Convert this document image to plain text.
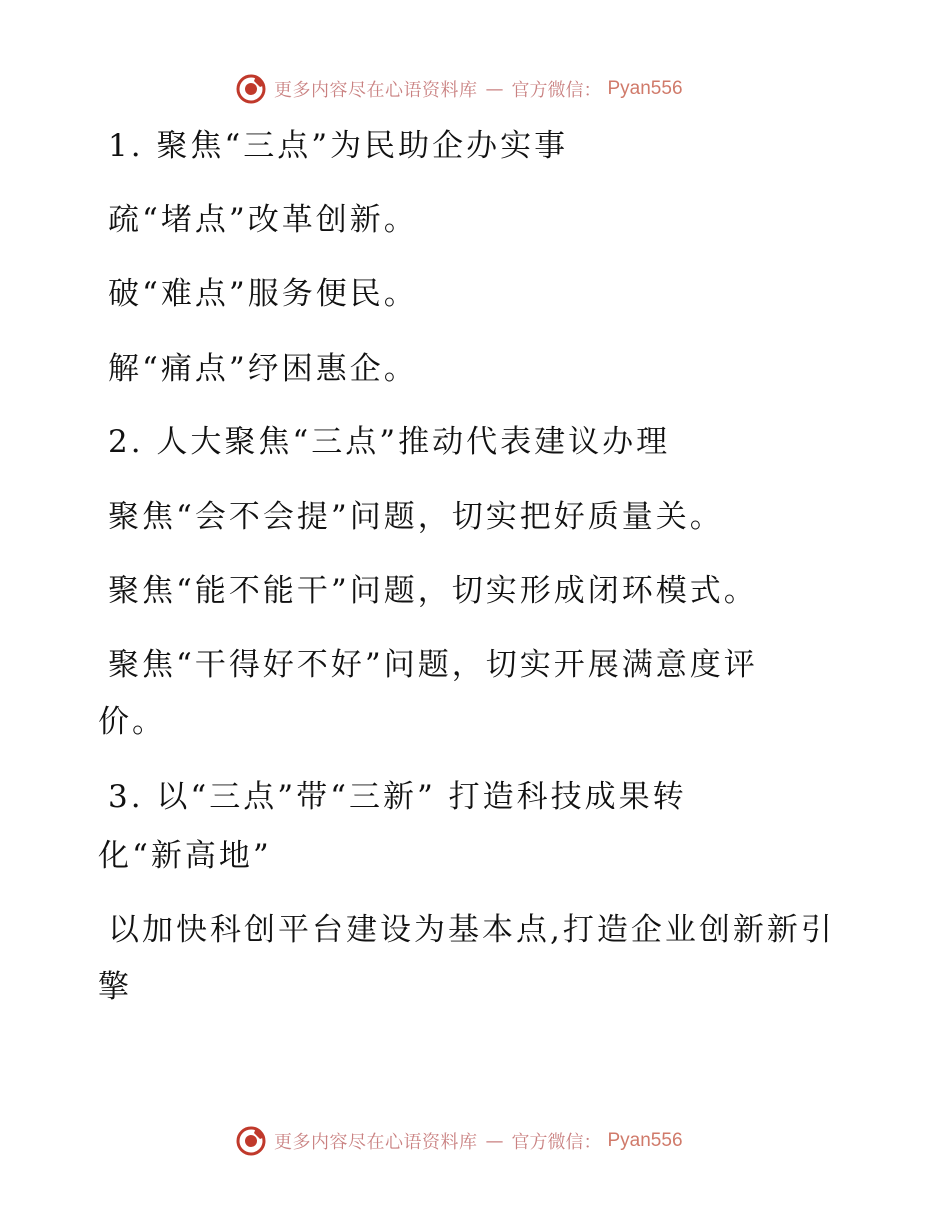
更多内容尽在心语资料库 — 官方微信： Pyan556
1. 聚焦“三点”为民助企办实事
疏“堵点”改革创新。
破“难点”服务便民。
解“痛点”纾困惠企。
2. 人大聚焦“三点”推动代表建议办理
聚焦“会不会提”问题，切实把好质量关。
聚焦“能不能干”问题，切实形成闭环模式。
聚焦“干得好不好”问题，切实开展满意度评
价。
3. 以“三点”带“三新” 打造科技成果转
化“新高地”
以加快科创平台建设为基本点,打造企业创新新引
擎
更多内容尽在心语资料库 — 官方微信： Pyan556
